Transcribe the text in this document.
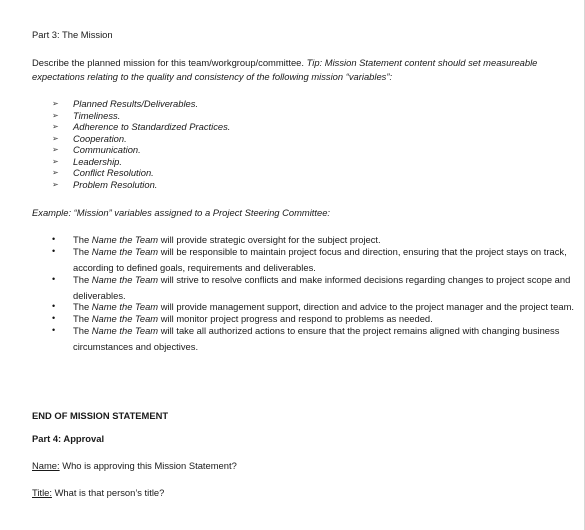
Part 3: The Mission
Describe the planned mission for this team/workgroup/committee. Tip: Mission Statement content should set measureable
expectations relating to the quality and consistency of the following mission “variables”:
➢ Planned Results/Deliverables.
➢ Timeliness.
➢ Adherence to Standardized Practices.
➢ Cooperation.
➢ Communication.
➢ Leadership.
➢ Conflict Resolution.
➢ Problem Resolution.
Example: “Mission” variables assigned to a Project Steering Committee:
• The Name the Team will provide strategic oversight for the subject project.
• The Name the Team will be responsible to maintain project focus and direction, ensuring that the project stays on track,
according to defined goals, requirements and deliverables.
• The Name the Team will strive to resolve conflicts and make informed decisions regarding changes to project scope and
deliverables.
• The Name the Team will provide management support, direction and advice to the project manager and the project team.
• The Name the Team will monitor project progress and respond to problems as needed.
• The Name the Team will take all authorized actions to ensure that the project remains aligned with changing business
circumstances and objectives.
END OF MISSION STATEMENT
Part 4: Approval
Name: Who is approving this Mission Statement?
Title: What is that person’s title?
